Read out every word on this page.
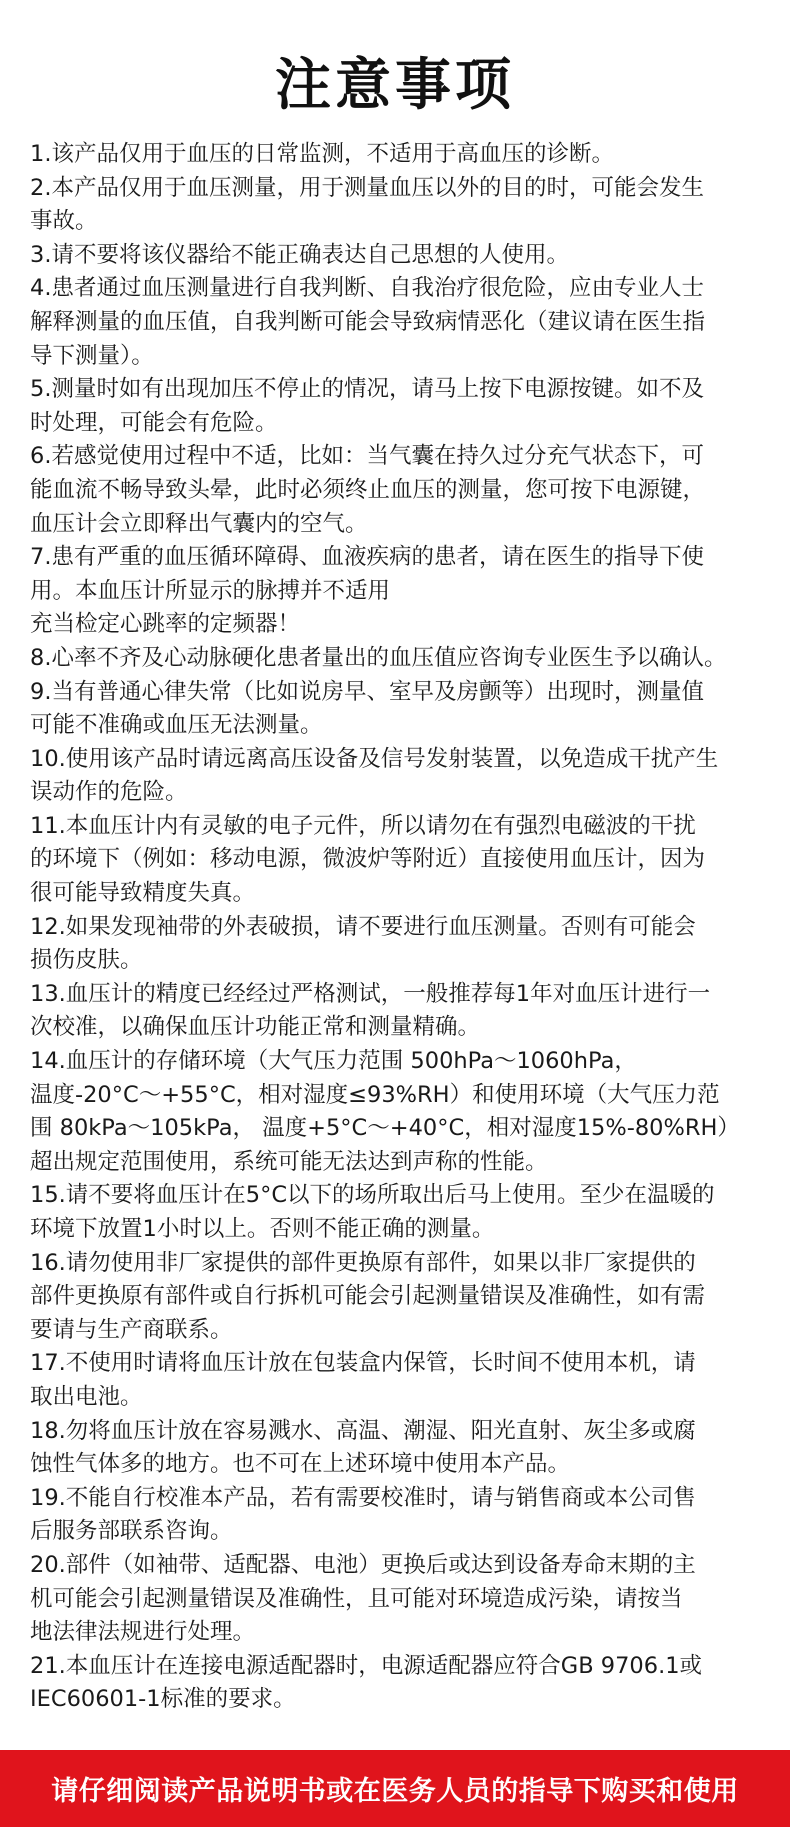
注意事项
1.该产品仅用于血压的日常监测，不适用于高血压的诊断。
2.本产品仅用于血压测量，用于测量血压以外的目的时，可能会发生
事故。
3.请不要将该仪器给不能正确表达自己思想的人使用。
4.患者通过血压测量进行自我判断、自我治疗很危险，应由专业人士
解释测量的血压值，自我判断可能会导致病情恶化（建议请在医生指
导下测量）。
5.测量时如有出现加压不停止的情况，请马上按下电源按键。如不及
时处理，可能会有危险。
6.若感觉使用过程中不适，比如：当气囊在持久过分充气状态下，可
能血流不畅导致头晕，此时必须终止血压的测量，您可按下电源键，
血压计会立即释出气囊内的空气。
7.患有严重的血压循环障碍、血液疾病的患者，请在医生的指导下使
用。本血压计所显示的脉搏并不适用
充当检定心跳率的定频器！
8.心率不齐及心动脉硬化患者量出的血压值应咨询专业医生予以确认。
9.当有普通心律失常（比如说房早、室早及房颤等）出现时，测量值
可能不准确或血压无法测量。
10.使用该产品时请远离高压设备及信号发射装置，以免造成干扰产生
误动作的危险。
11.本血压计内有灵敏的电子元件，所以请勿在有强烈电磁波的干扰
的环境下（例如：移动电源，微波炉等附近）直接使用血压计，因为
很可能导致精度失真。
12.如果发现袖带的外表破损，请不要进行血压测量。否则有可能会
损伤皮肤。
13.血压计的精度已经经过严格测试，一般推荐每1年对血压计进行一
次校准，以确保血压计功能正常和测量精确。
14.血压计的存储环境（大气压力范围 500hPa～1060hPa，
温度-20°C～+55°C，相对湿度≤93%RH）和使用环境（大气压力范
围 80kPa～105kPa， 温度+5°C～+40°C，相对湿度15%-80%RH）
超出规定范围使用，系统可能无法达到声称的性能。
15.请不要将血压计在5°C以下的场所取出后马上使用。至少在温暖的
环境下放置1小时以上。否则不能正确的测量。
16.请勿使用非厂家提供的部件更换原有部件，如果以非厂家提供的
部件更换原有部件或自行拆机可能会引起测量错误及准确性，如有需
要请与生产商联系。
17.不使用时请将血压计放在包装盒内保管，长时间不使用本机，请
取出电池。
18.勿将血压计放在容易溅水、高温、潮湿、阳光直射、灰尘多或腐
蚀性气体多的地方。也不可在上述环境中使用本产品。
19.不能自行校准本产品，若有需要校准时，请与销售商或本公司售
后服务部联系咨询。
20.部件（如袖带、适配器、电池）更换后或达到设备寿命末期的主
机可能会引起测量错误及准确性，且可能对环境造成污染，请按当
地法律法规进行处理。
21.本血压计在连接电源适配器时，电源适配器应符合GB 9706.1或
IEC60601-1标准的要求。
请仔细阅读产品说明书或在医务人员的指导下购买和使用
